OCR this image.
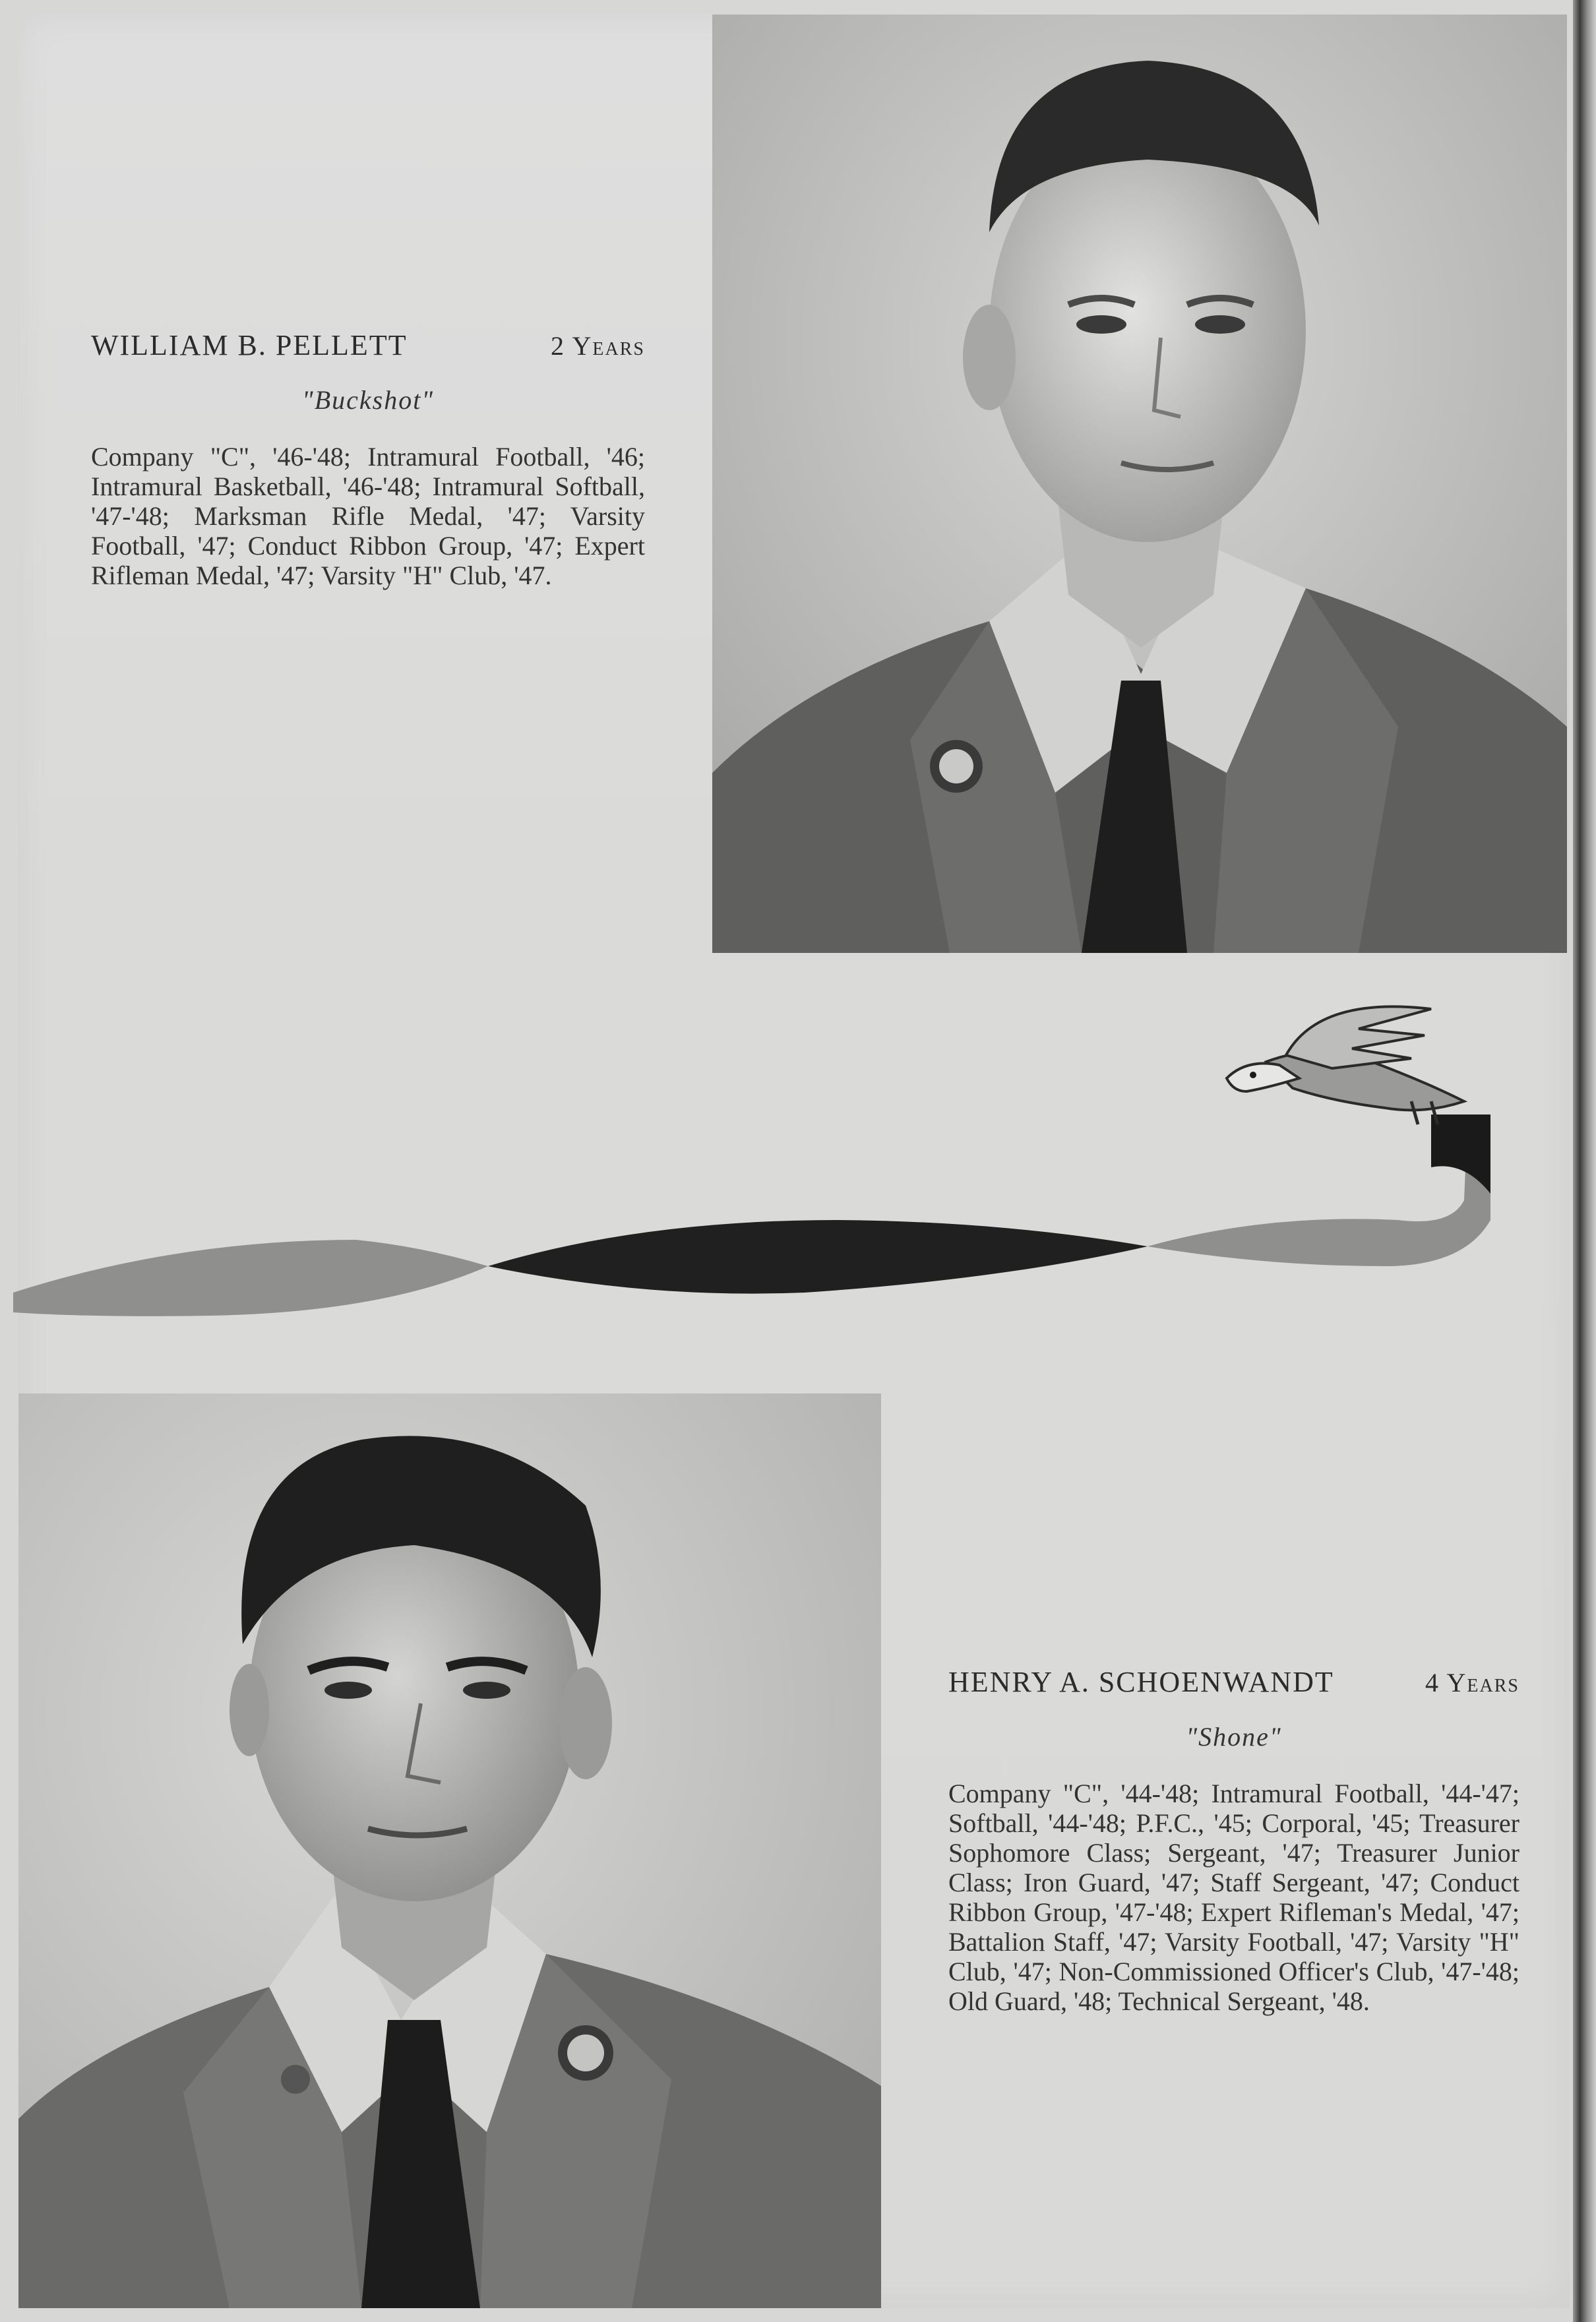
WILLIAM B. PELLETT	2 Years
"Buckshot"
Company "C", '46-'48; Intramural Football, '46; Intramural Basketball, '46-'48; Intramural Softball, '47-'48; Marksman Rifle Medal, '47; Varsity Football, '47; Conduct Ribbon Group, '47; Expert Rifleman Medal, '47; Varsity "H" Club, '47.
HENRY A. SCHOENWANDT	4 Years
"Shone"
Company "C", '44-'48; Intramural Football, '44-'47; Softball, '44-'48; P.F.C., '45; Corporal, '45; Treasurer Sophomore Class; Sergeant, '47; Treasurer Junior Class; Iron Guard, '47; Staff Sergeant, '47; Conduct Ribbon Group, '47-'48; Expert Rifleman's Medal, '47; Battalion Staff, '47; Varsity Football, '47; Varsity "H" Club, '47; Non-Commissioned Officer's Club, '47-'48; Old Guard, '48; Technical Sergeant, '48.
